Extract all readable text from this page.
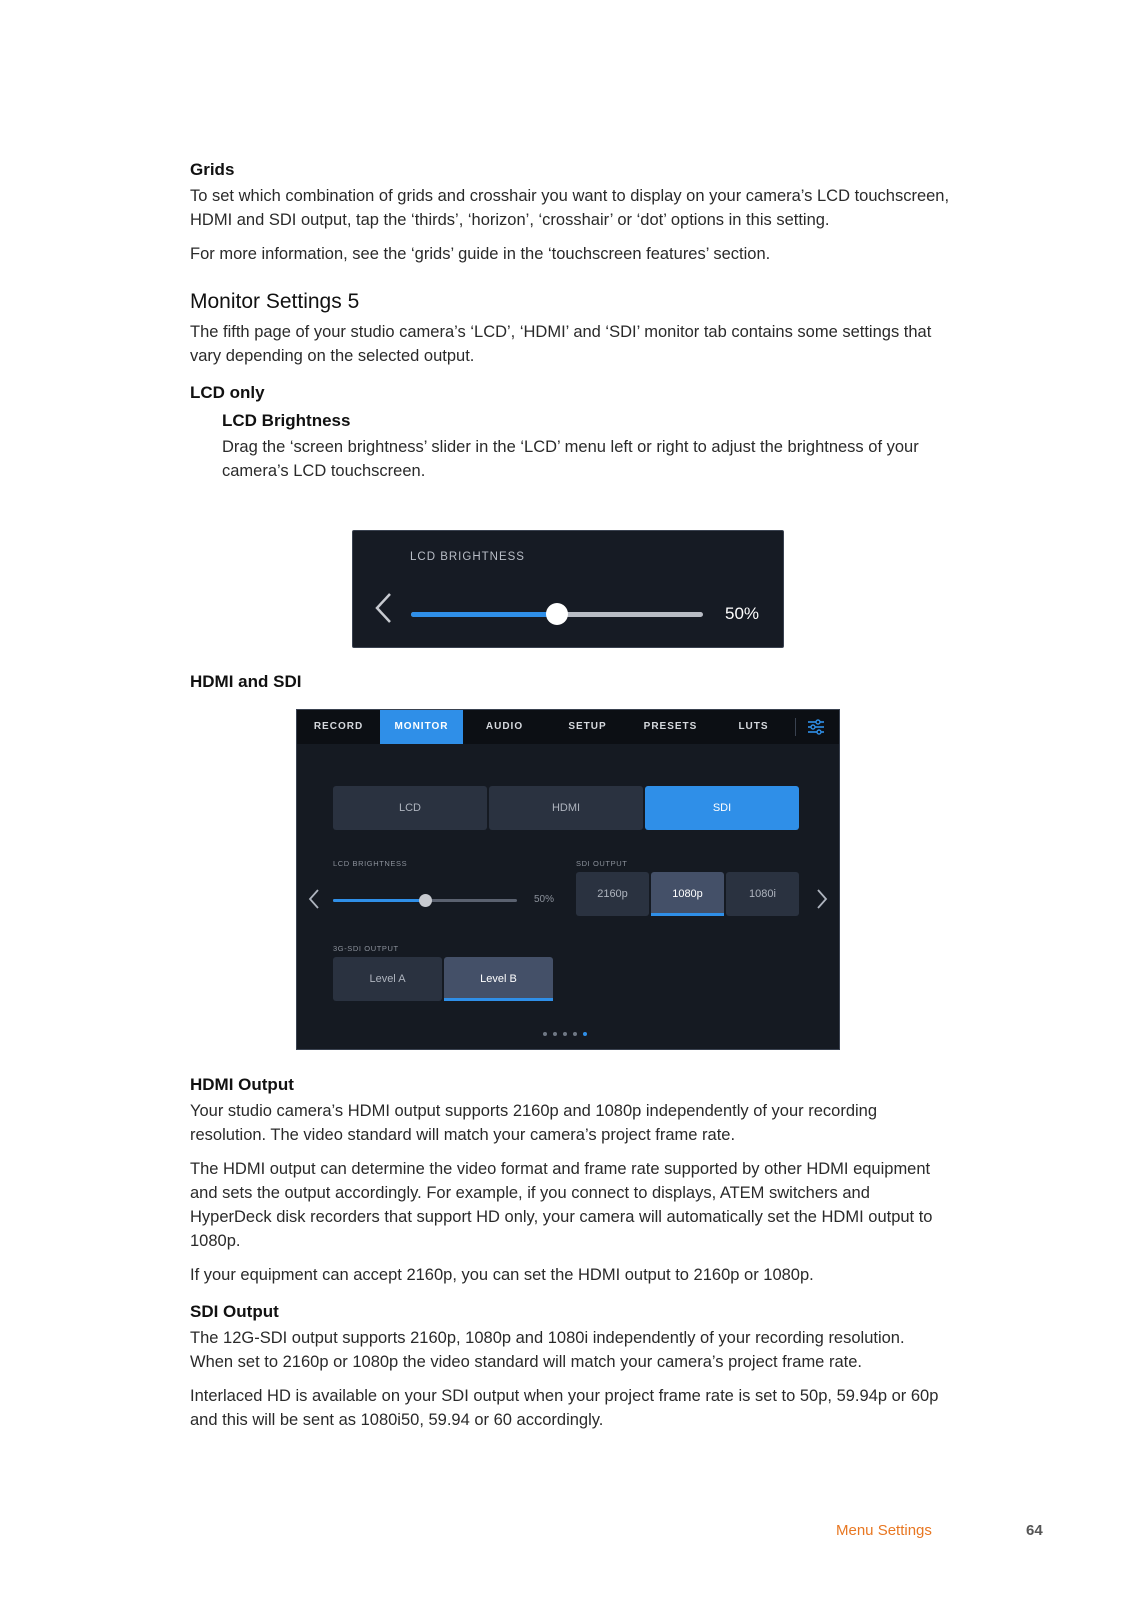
Grids
To set which combination of grids and crosshair you want to display on your camera’s LCD touchscreen, HDMI and SDI output, tap the ‘thirds’, ‘horizon’, ‘crosshair’ or ‘dot’ options in this setting.
For more information, see the ‘grids’ guide in the ‘touchscreen features’ section.
Monitor Settings 5
The fifth page of your studio camera’s ‘LCD’, ‘HDMI’ and ‘SDI’ monitor tab contains some settings that vary depending on the selected output.
LCD only
LCD Brightness
Drag the ‘screen brightness’ slider in the ‘LCD’ menu left or right to adjust the brightness of your camera’s LCD touchscreen.
LCD BRIGHTNESS
50%
HDMI and SDI
RECORD	MONITOR	AUDIO	SETUP	PRESETS	LUTS
LCD	HDMI	SDI
LCD BRIGHTNESS
50%
SDI OUTPUT
2160p	1080p	1080i
3G-SDI OUTPUT
Level A	Level B
HDMI Output
Your studio camera’s HDMI output supports 2160p and 1080p independently of your recording resolution. The video standard will match your camera’s project frame rate.
The HDMI output can determine the video format and frame rate supported by other HDMI equipment and sets the output accordingly. For example, if you connect to displays, ATEM switchers and HyperDeck disk recorders that support HD only, your camera will automatically set the HDMI output to 1080p.
If your equipment can accept 2160p, you can set the HDMI output to 2160p or 1080p.
SDI Output
The 12G-SDI output supports 2160p, 1080p and 1080i independently of your recording resolution. When set to 2160p or 1080p the video standard will match your camera’s project frame rate.
Interlaced HD is available on your SDI output when your project frame rate is set to 50p, 59.94p or 60p and this will be sent as 1080i50, 59.94 or 60 accordingly.
Menu Settings	64
